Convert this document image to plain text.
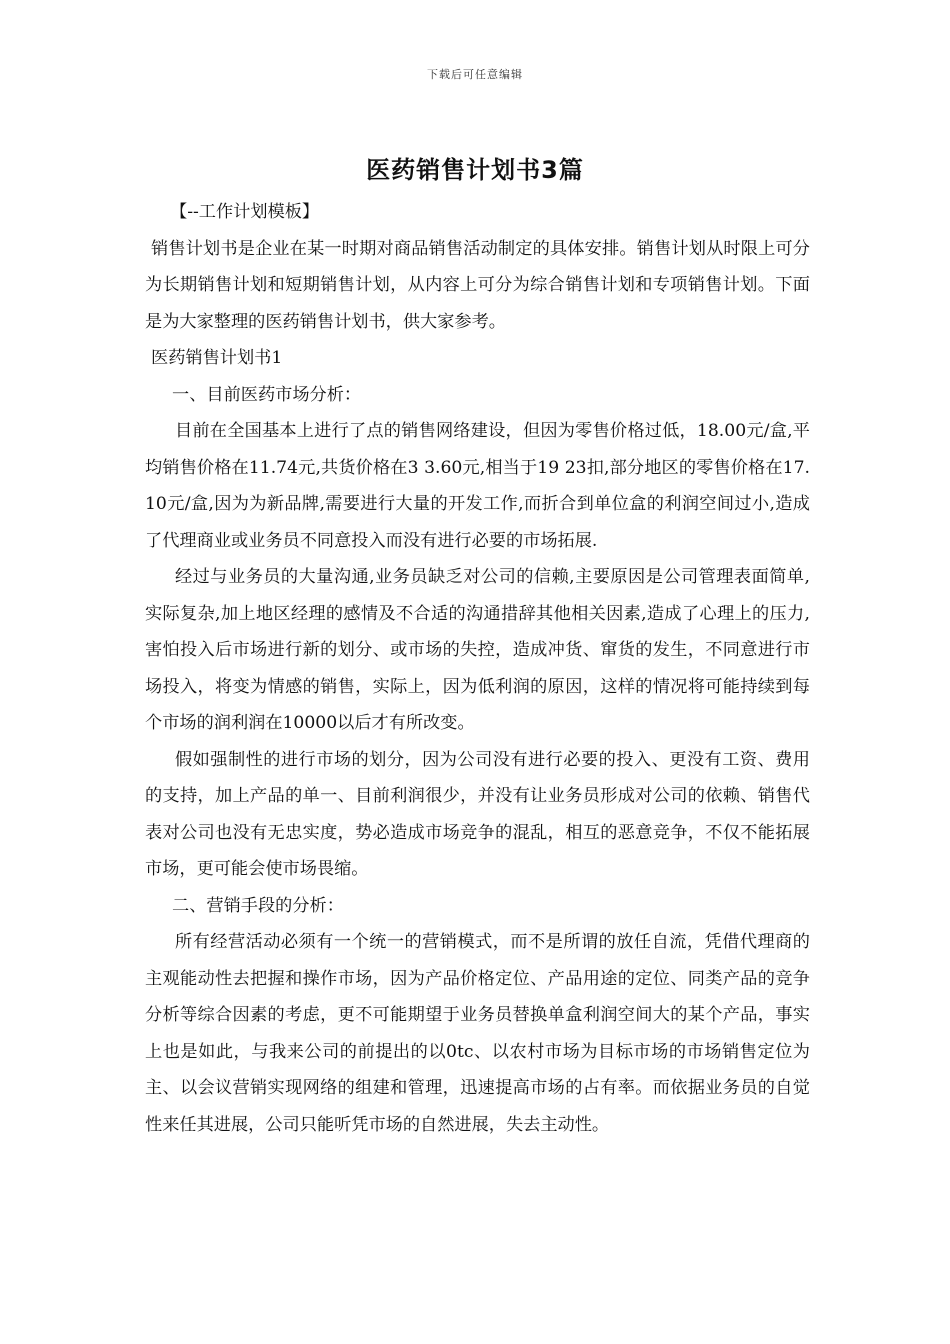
下载后可任意编辑
医药销售计划书3篇

【--工作计划模板】

销售计划书是企业在某一时期对商品销售活动制定的具体安排。销售计划从时限上可分为长期销售计划和短期销售计划，从内容上可分为综合销售计划和专项销售计划。下面是为大家整理的医药销售计划书，供大家参考。

医药销售计划书1

一、目前医药市场分析：

目前在全国基本上进行了点的销售网络建设，但因为零售价格过低，18.00元/盒,平均销售价格在11.74元,共货价格在3 3.60元,相当于19 23扣,部分地区的零售价格在17.10元/盒,因为为新品牌,需要进行大量的开发工作,而折合到单位盒的利润空间过小,造成了代理商业或业务员不同意投入而没有进行必要的市场拓展.

经过与业务员的大量沟通,业务员缺乏对公司的信赖,主要原因是公司管理表面简单,实际复杂,加上地区经理的感情及不合适的沟通措辞其他相关因素,造成了心理上的压力,害怕投入后市场进行新的划分、或市场的失控，造成冲货、窜货的发生，不同意进行市场投入，将变为情感的销售，实际上，因为低利润的原因，这样的情况将可能持续到每个市场的润利润在10000以后才有所改变。

假如强制性的进行市场的划分，因为公司没有进行必要的投入、更没有工资、费用的支持，加上产品的单一、目前利润很少，并没有让业务员形成对公司的依赖、销售代表对公司也没有无忠实度，势必造成市场竞争的混乱，相互的恶意竞争，不仅不能拓展市场，更可能会使市场畏缩。

二、营销手段的分析：

所有经营活动必须有一个统一的营销模式，而不是所谓的放任自流，凭借代理商的主观能动性去把握和操作市场，因为产品价格定位、产品用途的定位、同类产品的竞争分析等综合因素的考虑，更不可能期望于业务员替换单盒利润空间大的某个产品，事实上也是如此，与我来公司的前提出的以0tc、以农村市场为目标市场的市场销售定位为主、以会议营销实现网络的组建和管理，迅速提高市场的占有率。而依据业务员的自觉性来任其进展，公司只能听凭市场的自然进展，失去主动性。
